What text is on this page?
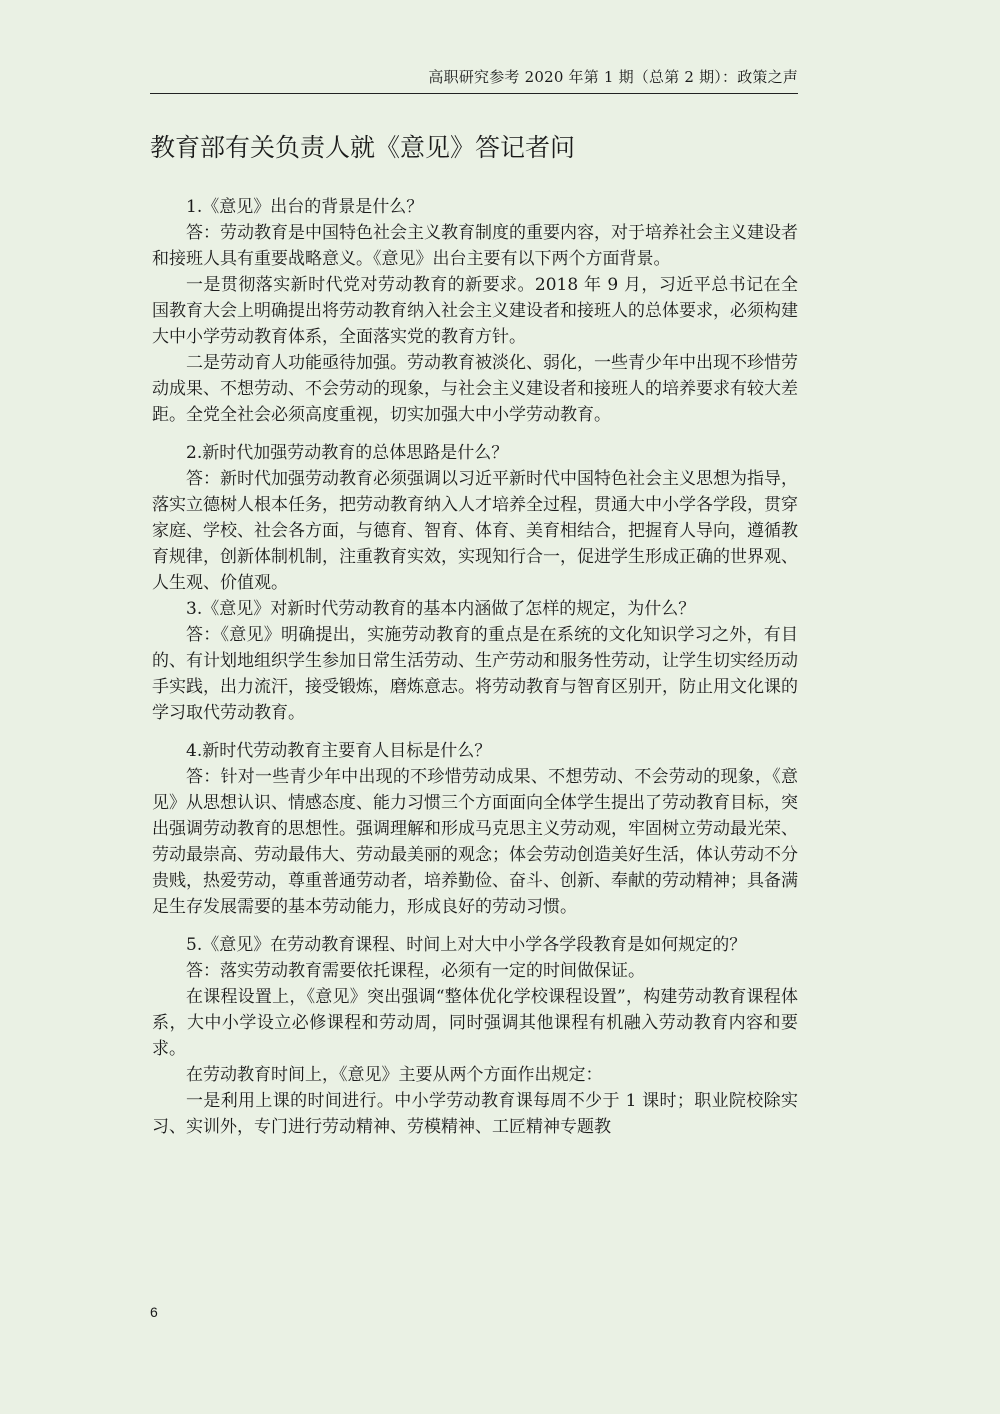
高职研究参考 2020 年第 1 期（总第 2 期）：政策之声
教育部有关负责人就《意见》答记者问

1.《意见》出台的背景是什么？

答：劳动教育是中国特色社会主义教育制度的重要内容，对于培养社会主义建设者和接班人具有重要战略意义。《意见》出台主要有以下两个方面背景。

一是贯彻落实新时代党对劳动教育的新要求。2018 年 9 月，习近平总书记在全国教育大会上明确提出将劳动教育纳入社会主义建设者和接班人的总体要求，必须构建大中小学劳动教育体系，全面落实党的教育方针。

二是劳动育人功能亟待加强。劳动教育被淡化、弱化，一些青少年中出现不珍惜劳动成果、不想劳动、不会劳动的现象，与社会主义建设者和接班人的培养要求有较大差距。全党全社会必须高度重视，切实加强大中小学劳动教育。

2.新时代加强劳动教育的总体思路是什么？

答：新时代加强劳动教育必须强调以习近平新时代中国特色社会主义思想为指导，落实立德树人根本任务，把劳动教育纳入人才培养全过程，贯通大中小学各学段，贯穿家庭、学校、社会各方面，与德育、智育、体育、美育相结合，把握育人导向，遵循教育规律，创新体制机制，注重教育实效，实现知行合一，促进学生形成正确的世界观、人生观、价值观。

3.《意见》对新时代劳动教育的基本内涵做了怎样的规定，为什么？

答：《意见》明确提出，实施劳动教育的重点是在系统的文化知识学习之外，有目的、有计划地组织学生参加日常生活劳动、生产劳动和服务性劳动，让学生切实经历动手实践，出力流汗，接受锻炼，磨炼意志。将劳动教育与智育区别开，防止用文化课的学习取代劳动教育。

4.新时代劳动教育主要育人目标是什么？

答：针对一些青少年中出现的不珍惜劳动成果、不想劳动、不会劳动的现象，《意见》从思想认识、情感态度、能力习惯三个方面面向全体学生提出了劳动教育目标，突出强调劳动教育的思想性。强调理解和形成马克思主义劳动观，牢固树立劳动最光荣、劳动最崇高、劳动最伟大、劳动最美丽的观念；体会劳动创造美好生活，体认劳动不分贵贱，热爱劳动，尊重普通劳动者，培养勤俭、奋斗、创新、奉献的劳动精神；具备满足生存发展需要的基本劳动能力，形成良好的劳动习惯。

5.《意见》在劳动教育课程、时间上对大中小学各学段教育是如何规定的？

答：落实劳动教育需要依托课程，必须有一定的时间做保证。

在课程设置上，《意见》突出强调“整体优化学校课程设置”，构建劳动教育课程体系，大中小学设立必修课程和劳动周，同时强调其他课程有机融入劳动教育内容和要求。

在劳动教育时间上，《意见》主要从两个方面作出规定：

一是利用上课的时间进行。中小学劳动教育课每周不少于 1 课时；职业院校除实习、实训外，专门进行劳动精神、劳模精神、工匠精神专题教

6
